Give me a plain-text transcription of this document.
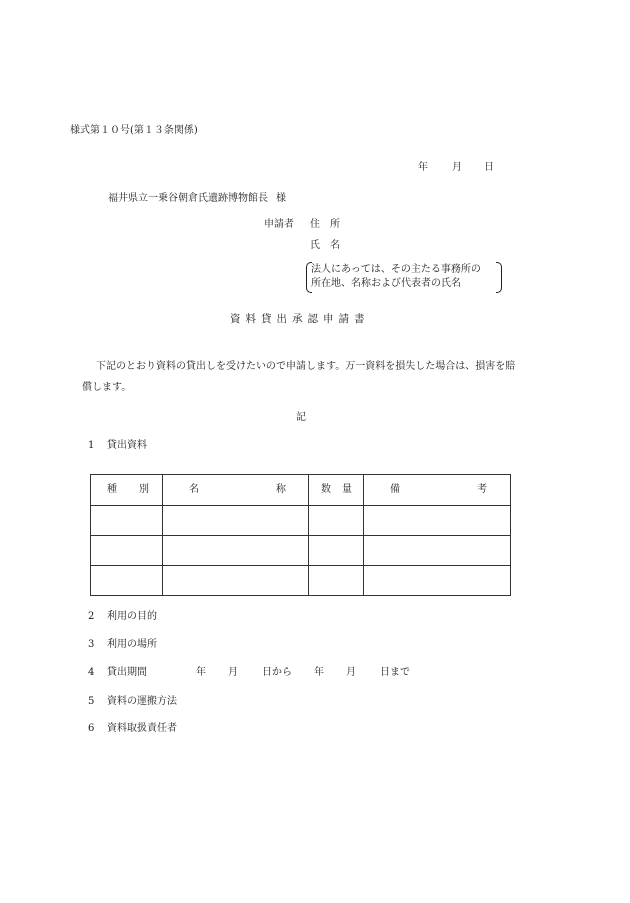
様式第１０号(第１３条関係)
年 月 日
福井県立一乗谷朝倉氏遺跡博物館長 様
申請者 住　所
氏　名
法人にあっては、その主たる事務所の
所在地、名称および代表者の氏名
資料貸出承認申請書
下記のとおり資料の貸出しを受けたいので申請します。万一資料を損失した場合は、損害を賠償します。
記
1 貸出資料
種 別	名 称	数 量	備 考

2 利用の目的
3 利用の場所
4 貸出期間	年 月 日から 年 月 日まで
5 資料の運搬方法
6 資料取扱責任者
